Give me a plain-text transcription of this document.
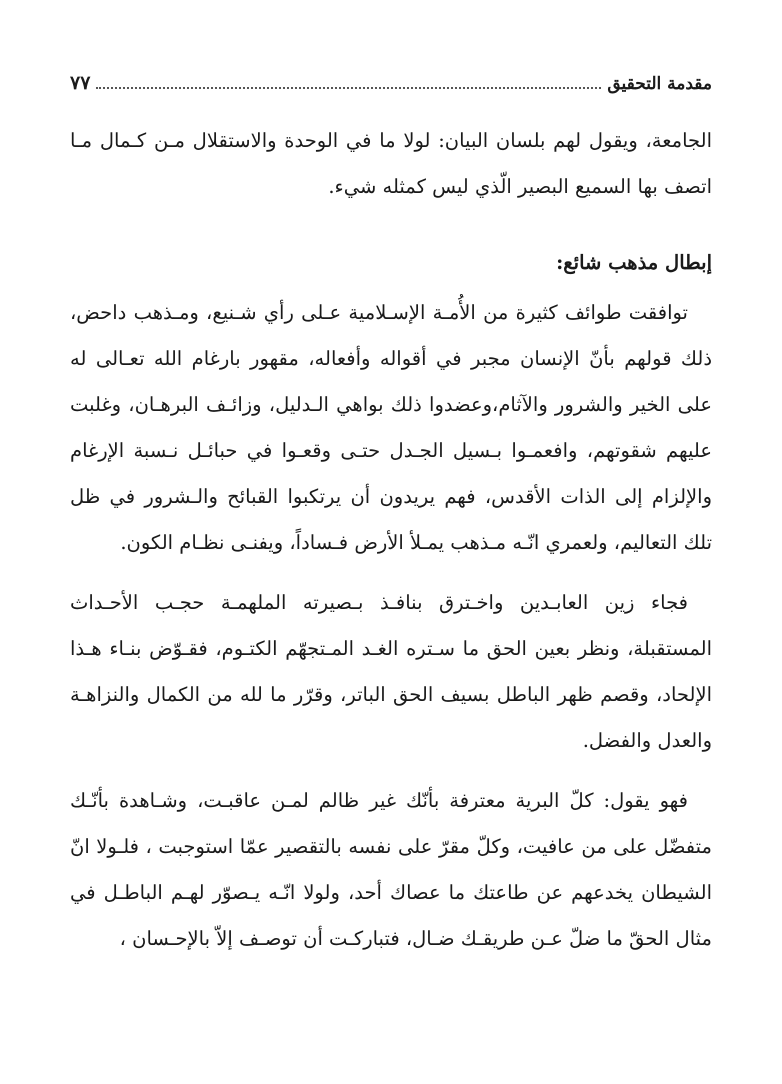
مقدمة التحقيق
٧٧

الجامعة، ويقول لهم بلسان البيان: لولا ما في الوحدة والاستقلال مـن كـمال مـا اتصف بها السميع البصير الّذي ليس كمثله شيء.

إبطال مذهب شائع:

توافقت طوائف كثيرة من الأُمـة الإسـلامية عـلى رأي شـنيع، ومـذهب داحض، ذلك قولهم بأنّ الإنسان مجبر في أقواله وأفعاله، مقهور بارغام الله تعـالى له على الخير والشرور والآثام،وعضدوا ذلك بواهي الـدليل، وزائـف البرهـان، وغلبت عليهم شقوتهم، وافعمـوا بـسيل الجـدل حتـى وقعـوا في حبائـل نـسبة الإرغام والإلزام إلى الذات الأقدس، فهم يريدون أن يرتكبوا القبائح والـشرور في ظل تلك التعاليم، ولعمري انّـه مـذهب يمـلأ الأرض فـساداً، ويفنـى نظـام الكون.

فجاء زين العابـدين واخـترق بنافـذ بـصيرته الملهمـة حجـب الأحـداث المستقبلة، ونظر بعين الحق ما سـتره الغـد المـتجهّم الكتـوم، فقـوّض بنـاء هـذا الإلحاد، وقصم ظهر الباطل بسيف الحق الباتر، وقرّر ما لله من الكمال والنزاهـة والعدل والفضل.

فهو يقول: كلّ البرية معترفة بأنّك غير ظالم لمـن عاقبـت، وشـاهدة بأنّـك متفضّل على من عافيت، وكلّ مقرّ على نفسه بالتقصير عمّا استوجبت ، فلـولا انّ الشيطان يخدعهم عن طاعتك ما عصاك أحد، ولولا انّـه يـصوّر لهـم الباطـل في مثال الحقّ ما ضلّ عـن طريقـك ضـال، فتباركـت أن توصـف إلاّ بالإحـسان ،
